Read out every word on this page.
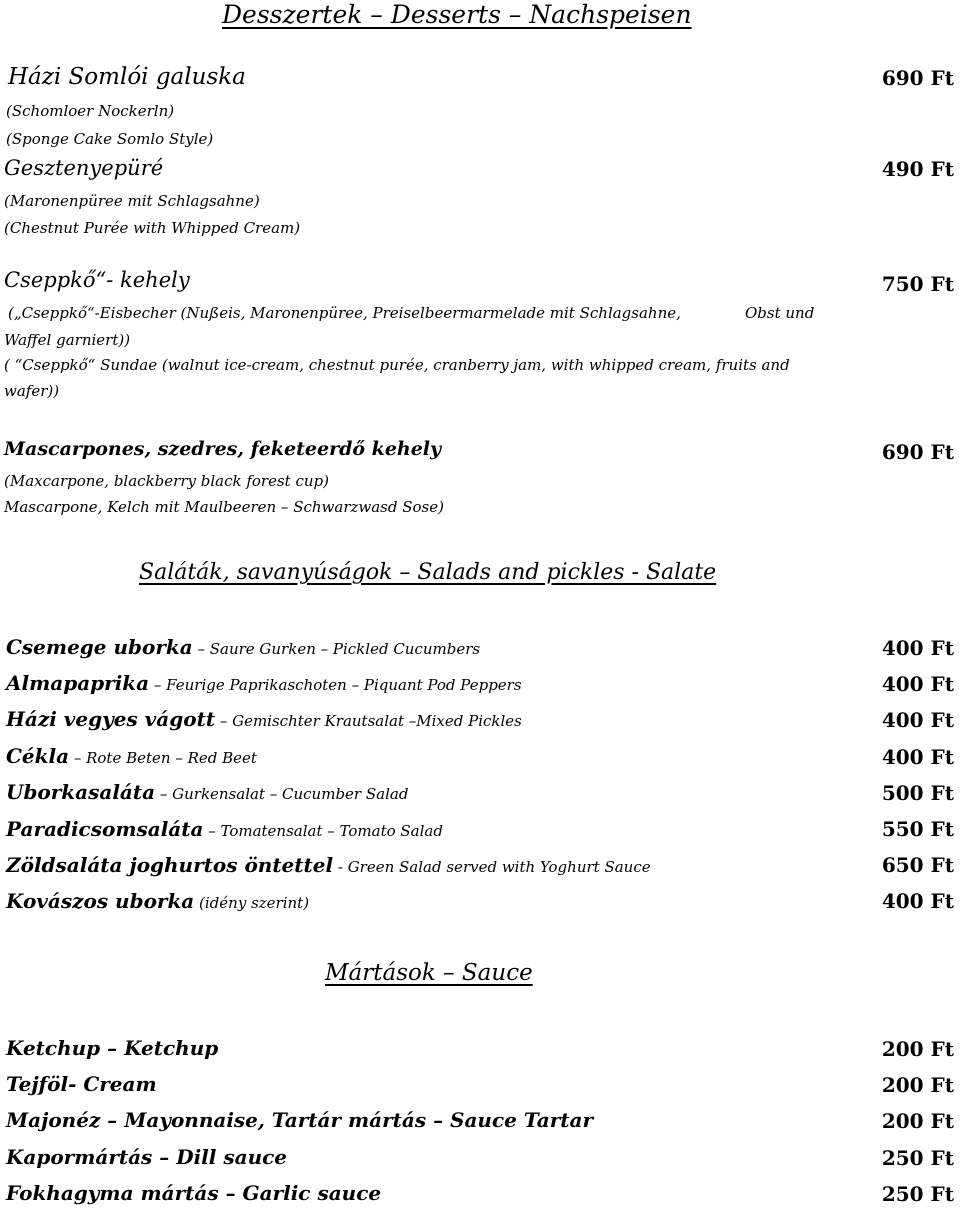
Desszertek – Desserts – Nachspeisen
Házi Somlói galuska	690 Ft
(Schomloer Nockerln)
(Sponge Cake Somlo Style)
Gesztenyepüré	490 Ft
(Maronenpüree mit Schlagsahne)
(Chestnut Purée with Whipped Cream)
Cseppkő“- kehely	750 Ft
(„Cseppkő“-Eisbecher (Nußeis, Maronenpüree, Preiselbeermarmelade mit Schlagsahne,	Obst und
Waffel garniert))
( “Cseppkő“ Sundae (walnut ice-cream, chestnut purée, cranberry jam, with whipped cream, fruits and
wafer))
Mascarpones, szedres, feketeerdő kehely	690 Ft
(Maxcarpone, blackberry black forest cup)
Mascarpone, Kelch mit Maulbeeren – Schwarzwasd Sose)
Saláták, savanyúságok – Salads and pickles - Salate
Csemege uborka – Saure Gurken – Pickled Cucumbers	400 Ft
Almapaprika – Feurige Paprikaschoten – Piquant Pod Peppers	400 Ft
Házi vegyes vágott – Gemischter Krautsalat –Mixed Pickles	400 Ft
Cékla – Rote Beten – Red Beet	400 Ft
Uborkasaláta – Gurkensalat – Cucumber Salad	500 Ft
Paradicsomsaláta – Tomatensalat – Tomato Salad	550 Ft
Zöldsaláta joghurtos öntettel - Green Salad served with Yoghurt Sauce	650 Ft
Kovászos uborka (idény szerint)	400 Ft
Mártások – Sauce
Ketchup – Ketchup	200 Ft
Tejföl- Cream	200 Ft
Majonéz – Mayonnaise, Tartár mártás – Sauce Tartar	200 Ft
Kapormártás – Dill sauce	250 Ft
Fokhagyma mártás – Garlic sauce	250 Ft
